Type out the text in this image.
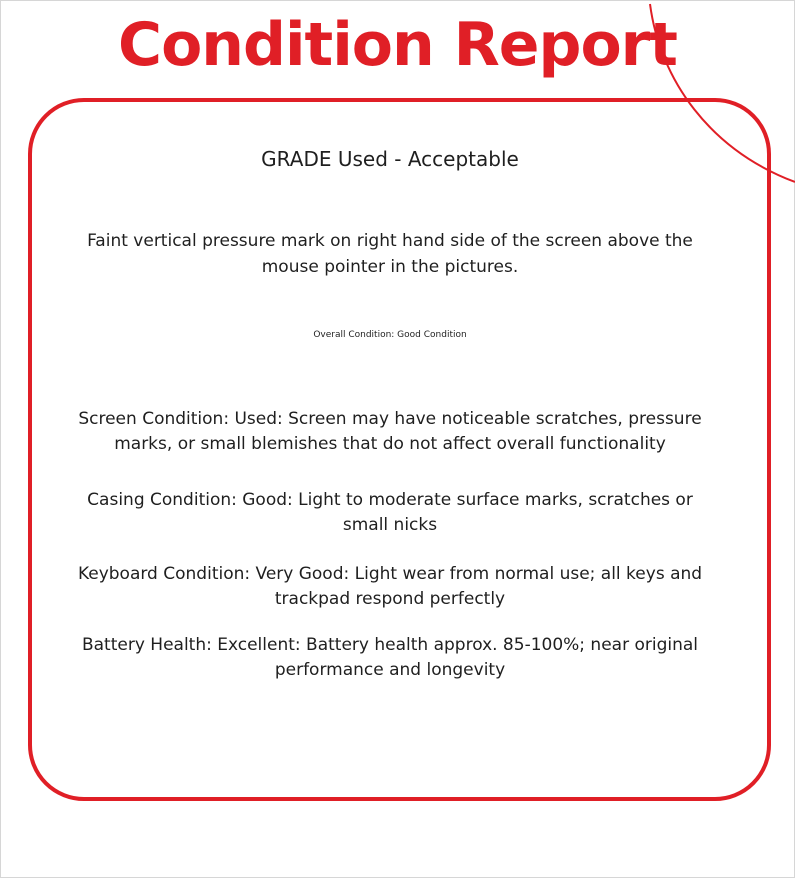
Condition Report
GRADE Used - Acceptable
Faint vertical pressure mark on right hand side of the screen above the mouse pointer in the pictures.
Overall Condition: Good Condition
Screen Condition: Used: Screen may have noticeable scratches, pressure marks, or small blemishes that do not affect overall functionality
Casing Condition: Good: Light to moderate surface marks, scratches or small nicks
Keyboard Condition: Very Good: Light wear from normal use; all keys and trackpad respond perfectly
Battery Health: Excellent: Battery health approx. 85-100%; near original performance and longevity
